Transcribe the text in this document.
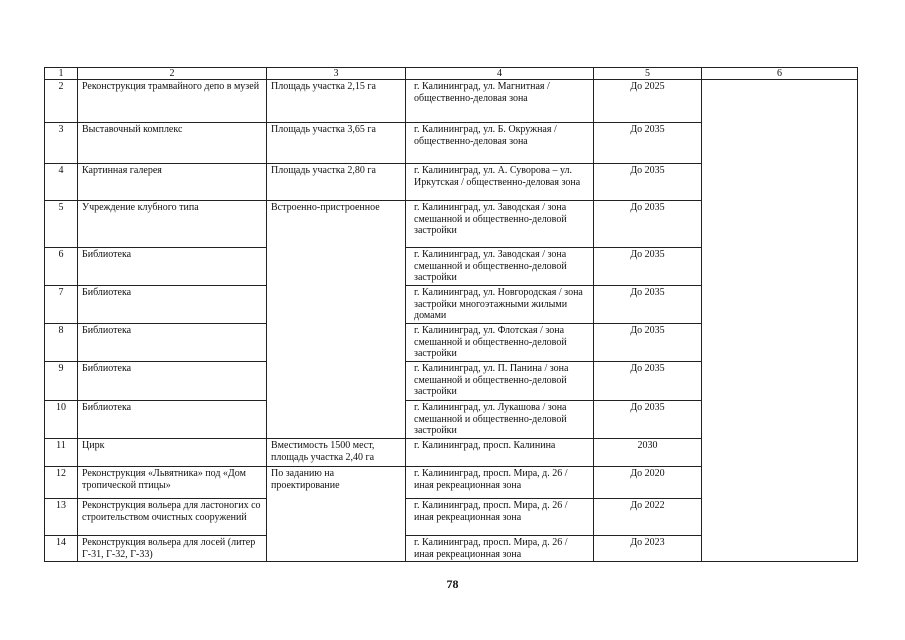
1	2	3	4	5	6
2	Реконструкция трамвайного депо в музей	Площадь участка 2,15 га	г. Калининград, ул. Магнитная / общественно-деловая зона	До 2025	
3	Выставочный комплекс	Площадь участка 3,65 га	г. Калининград, ул. Б. Окружная / общественно-деловая зона	До 2035	
4	Картинная галерея	Площадь участка 2,80 га	г. Калининград, ул. А. Суворова – ул. Иркутская / общественно-деловая зона	До 2035	
5	Учреждение клубного типа	Встроенно-пристроенное	г. Калининград, ул. Заводская / зона смешанной и общественно-деловой застройки	До 2035	
6	Библиотека		г. Калининград, ул. Заводская / зона смешанной и общественно-деловой застройки	До 2035	
7	Библиотека		г. Калининград, ул. Новгородская / зона застройки многоэтажными жилыми домами	До 2035	
8	Библиотека		г. Калининград, ул. Флотская / зона смешанной и общественно-деловой застройки	До 2035	
9	Библиотека		г. Калининград, ул. П. Панина / зона смешанной и общественно-деловой застройки	До 2035	
10	Библиотека		г. Калининград, ул. Лукашова / зона смешанной и общественно-деловой застройки	До 2035	
11	Цирк	Вместимость 1500 мест, площадь участка 2,40 га	г. Калининград, просп. Калинина	2030	
12	Реконструкция «Львятника» под «Дом тропической птицы»	По заданию на проектирование	г. Калининград, просп. Мира, д. 26 / иная рекреационная зона	До 2020	
13	Реконструкция вольера для ластоногих со строительством очистных сооружений		г. Калининград, просп. Мира, д. 26 / иная рекреационная зона	До 2022	
14	Реконструкция вольера для лосей (литер Г-31, Г-32, Г-33)		г. Калининград, просп. Мира, д. 26 / иная рекреационная зона	До 2023	
78
